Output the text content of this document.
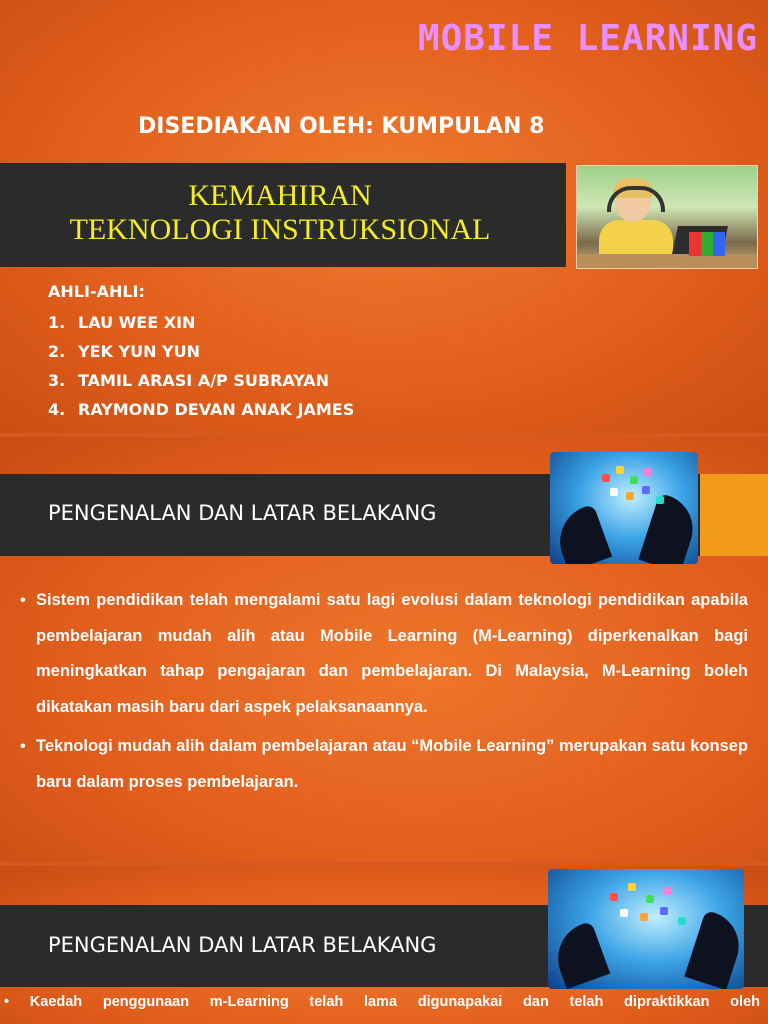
MOBILE LEARNING

DISEDIAKAN OLEH: KUMPULAN 8

KEMAHIRAN
TEKNOLOGI INSTRUKSIONAL

AHLI-AHLI:

1. LAU WEE XIN
2. YEK YUN YUN
3. TAMIL ARASI A/P SUBRAYAN
4. RAYMOND DEVAN ANAK JAMES
PENGENALAN DAN LATAR BELAKANG
• Sistem pendidikan telah mengalami satu lagi evolusi dalam teknologi pendidikan apabila pembelajaran mudah alih atau Mobile Learning (M-Learning) diperkenalkan bagi meningkatkan tahap pengajaran dan pembelajaran. Di Malaysia, M-Learning boleh dikatakan masih baru dari aspek pelaksanaannya.
• Teknologi mudah alih dalam pembelajaran atau “Mobile Learning” merupakan satu konsep baru dalam proses pembelajaran.
PENGENALAN DAN LATAR BELAKANG

• Kaedah penggunaan m-Learning telah lama digunapakai dan telah dipraktikkan oleh
